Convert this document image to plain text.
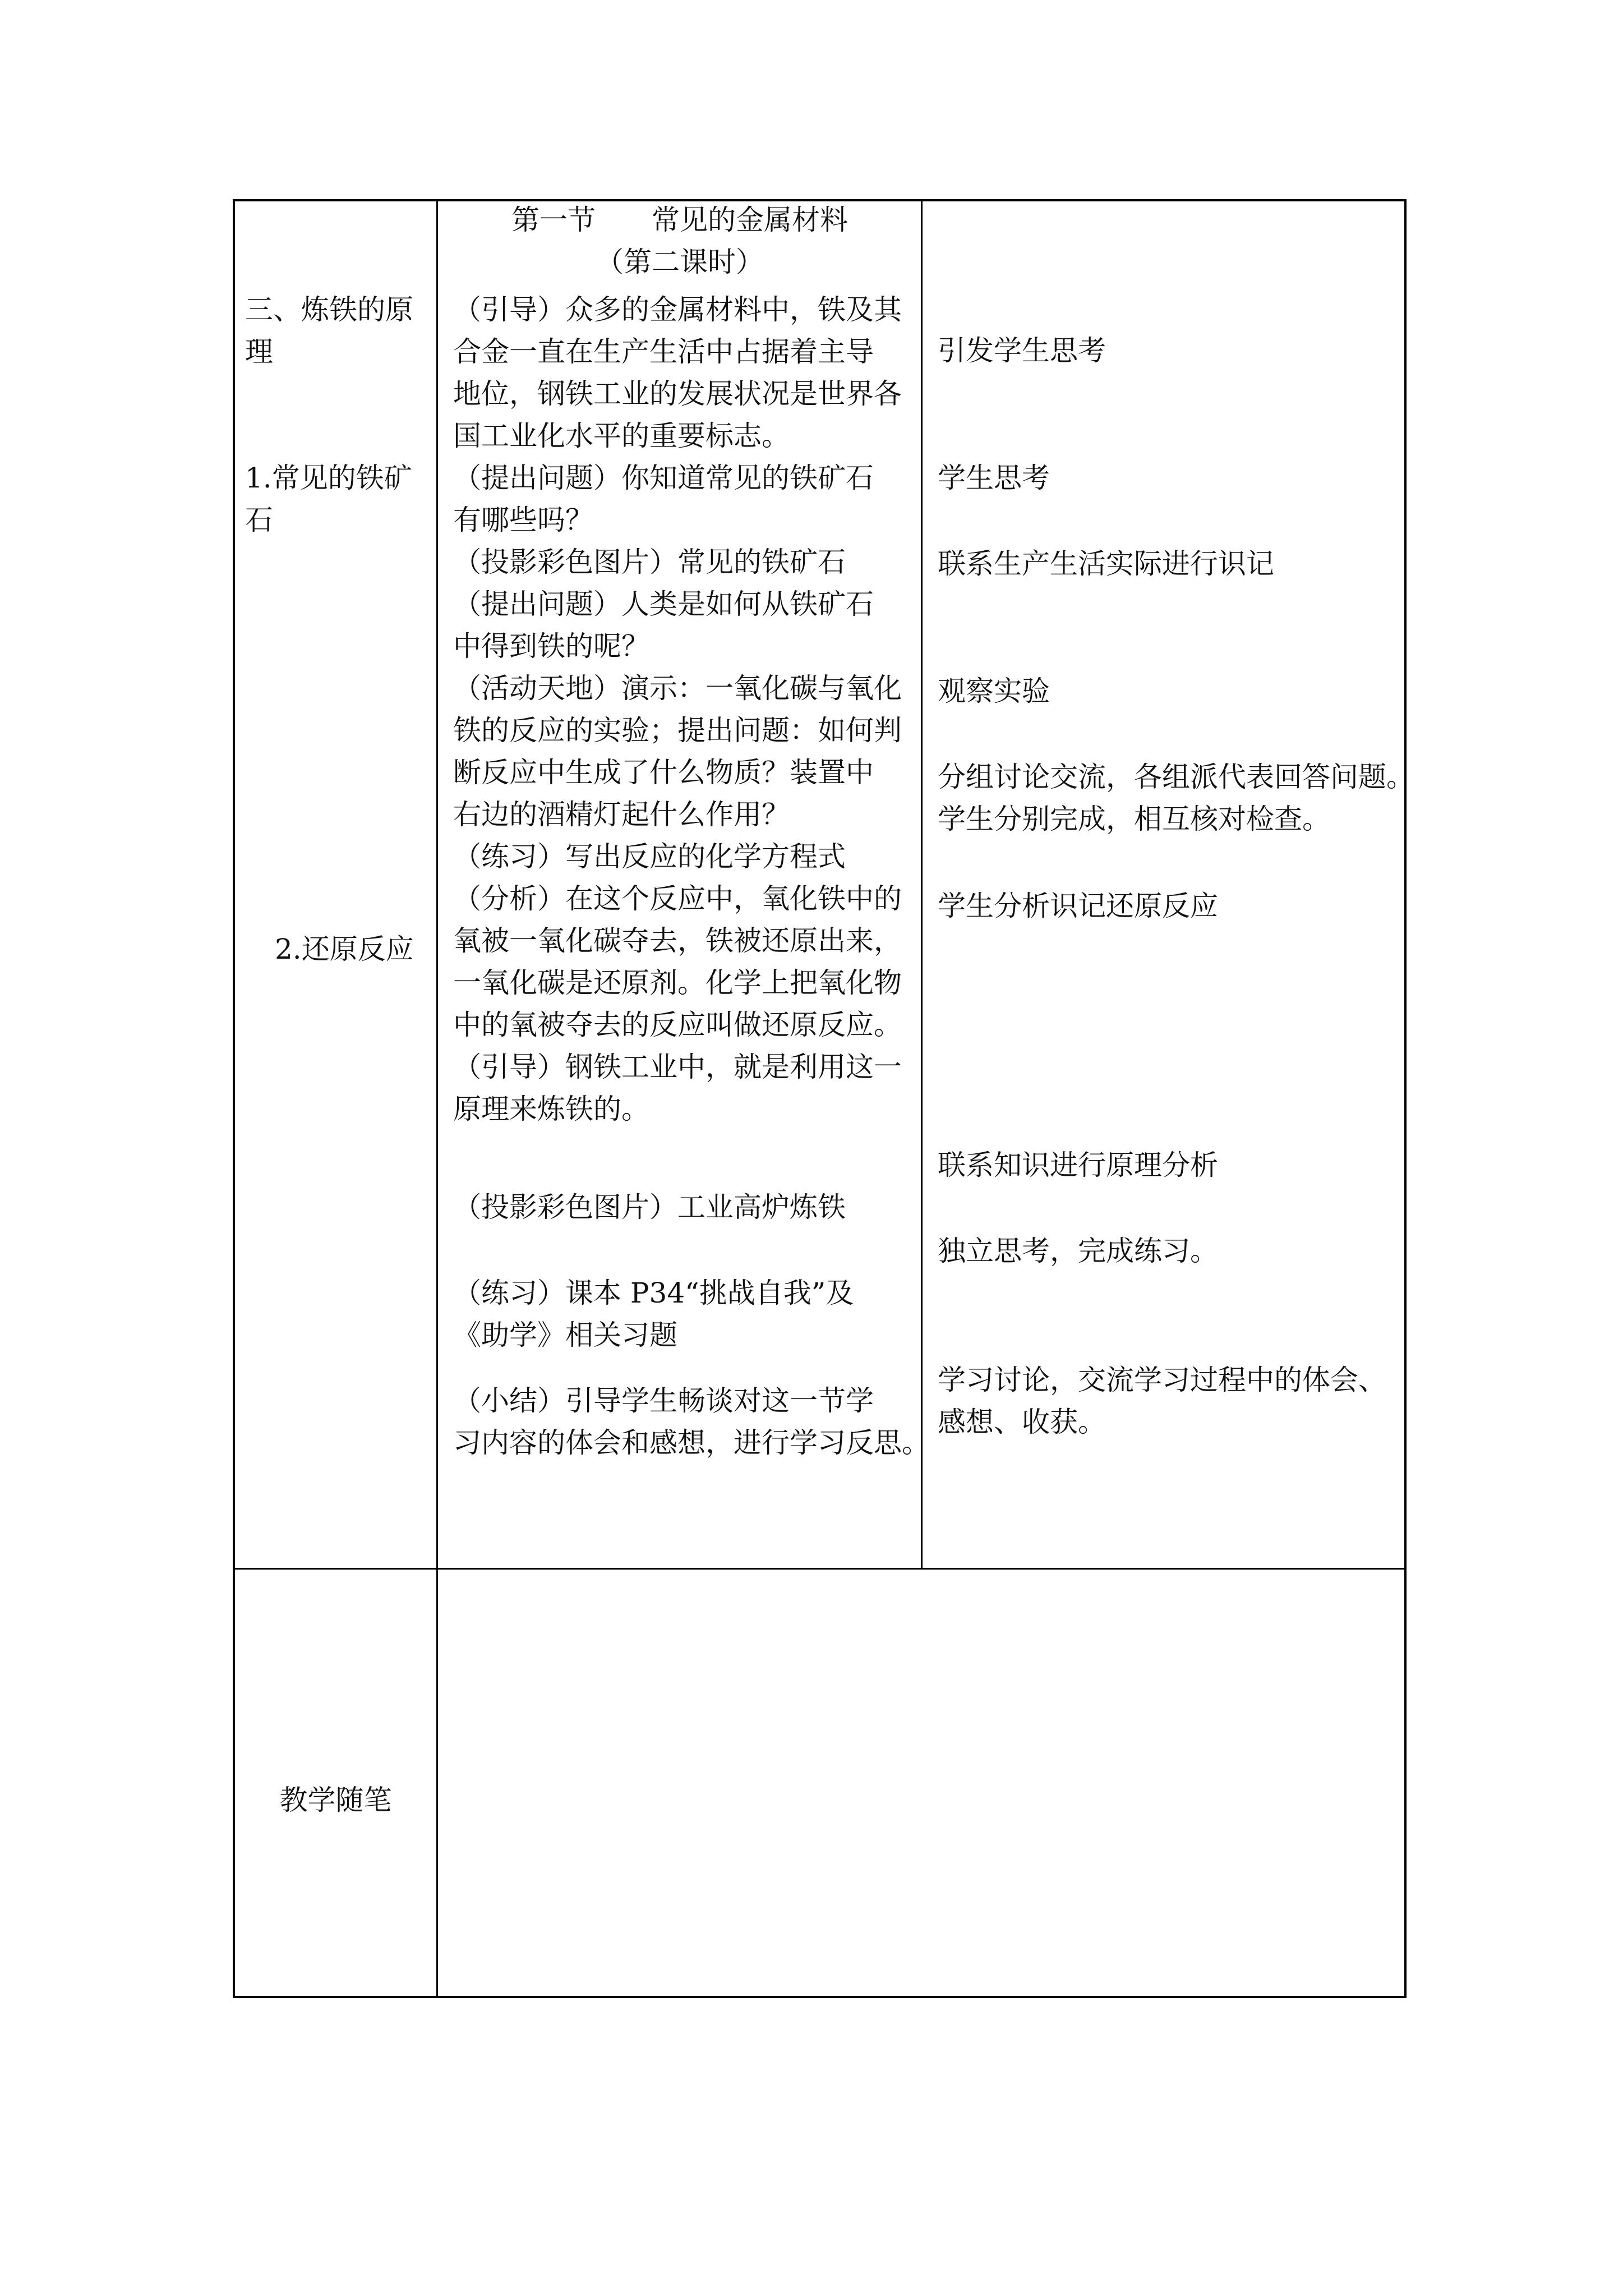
第一节　　常见的金属材料
（第二课时）
（引导）众多的金属材料中，铁及其
合金一直在生产生活中占据着主导
地位，钢铁工业的发展状况是世界各
国工业化水平的重要标志。
（提出问题）你知道常见的铁矿石
有哪些吗？
（投影彩色图片）常见的铁矿石
（提出问题）人类是如何从铁矿石
中得到铁的呢？
（活动天地）演示：一氧化碳与氧化
铁的反应的实验；提出问题：如何判
断反应中生成了什么物质？装置中
右边的酒精灯起什么作用？
（练习）写出反应的化学方程式
（分析）在这个反应中，氧化铁中的
氧被一氧化碳夺去，铁被还原出来，
一氧化碳是还原剂。化学上把氧化物
中的氧被夺去的反应叫做还原反应。
（引导）钢铁工业中，就是利用这一
原理来炼铁的。
（投影彩色图片）工业高炉炼铁
（练习）课本 P34“挑战自我”及
《助学》相关习题
（小结）引导学生畅谈对这一节学
习内容的体会和感想，进行学习反思。
三、炼铁的原
理
1.常见的铁矿
石
2.还原反应
教学随笔
引发学生思考
学生思考
联系生产生活实际进行识记
观察实验
分组讨论交流，各组派代表回答问题。
学生分别完成，相互核对检查。
学生分析识记还原反应
联系知识进行原理分析
独立思考，完成练习。
学习讨论，交流学习过程中的体会、
感想、收获。
